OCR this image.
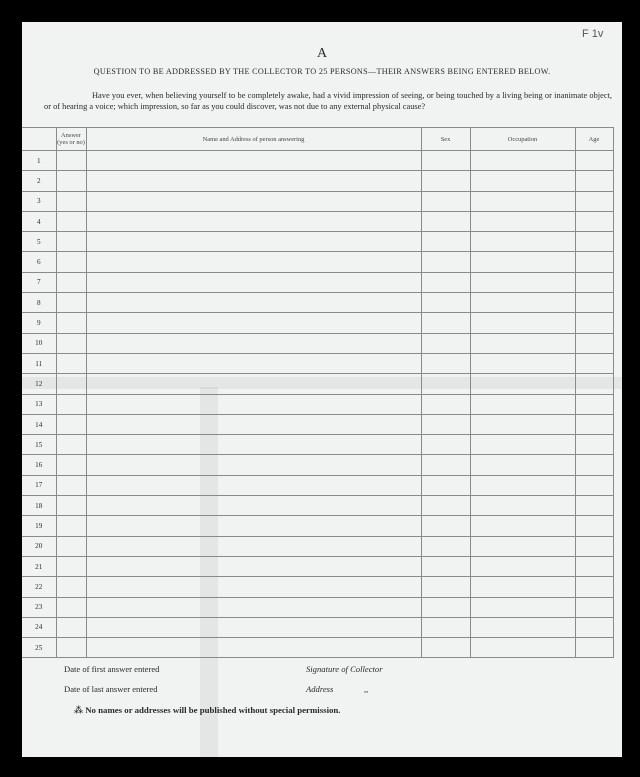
F 1v
A
QUESTION TO BE ADDRESSED BY THE COLLECTOR TO 25 PERSONS—THEIR ANSWERS BEING ENTERED BELOW.
Have you ever, when believing yourself to be completely awake, had a vivid impression of seeing, or being touched by a living being or inanimate object, or of hearing a voice; which impression, so far as you could discover, was not due to any external physical cause?
	Answer (yes or no)	Name and Address of person answering	Sex	Occupation	Age
1					
2					
3					
4					
5					
6					
7					
8					
9					
10					
11					
12					
13					
14					
15					
16					
17					
18					
19					
20					
21					
22					
23					
24					
25					
Date of first answer entered
Date of last answer entered
Signature of Collector
Address	,,
⁂ No names or addresses will be published without special permission.
